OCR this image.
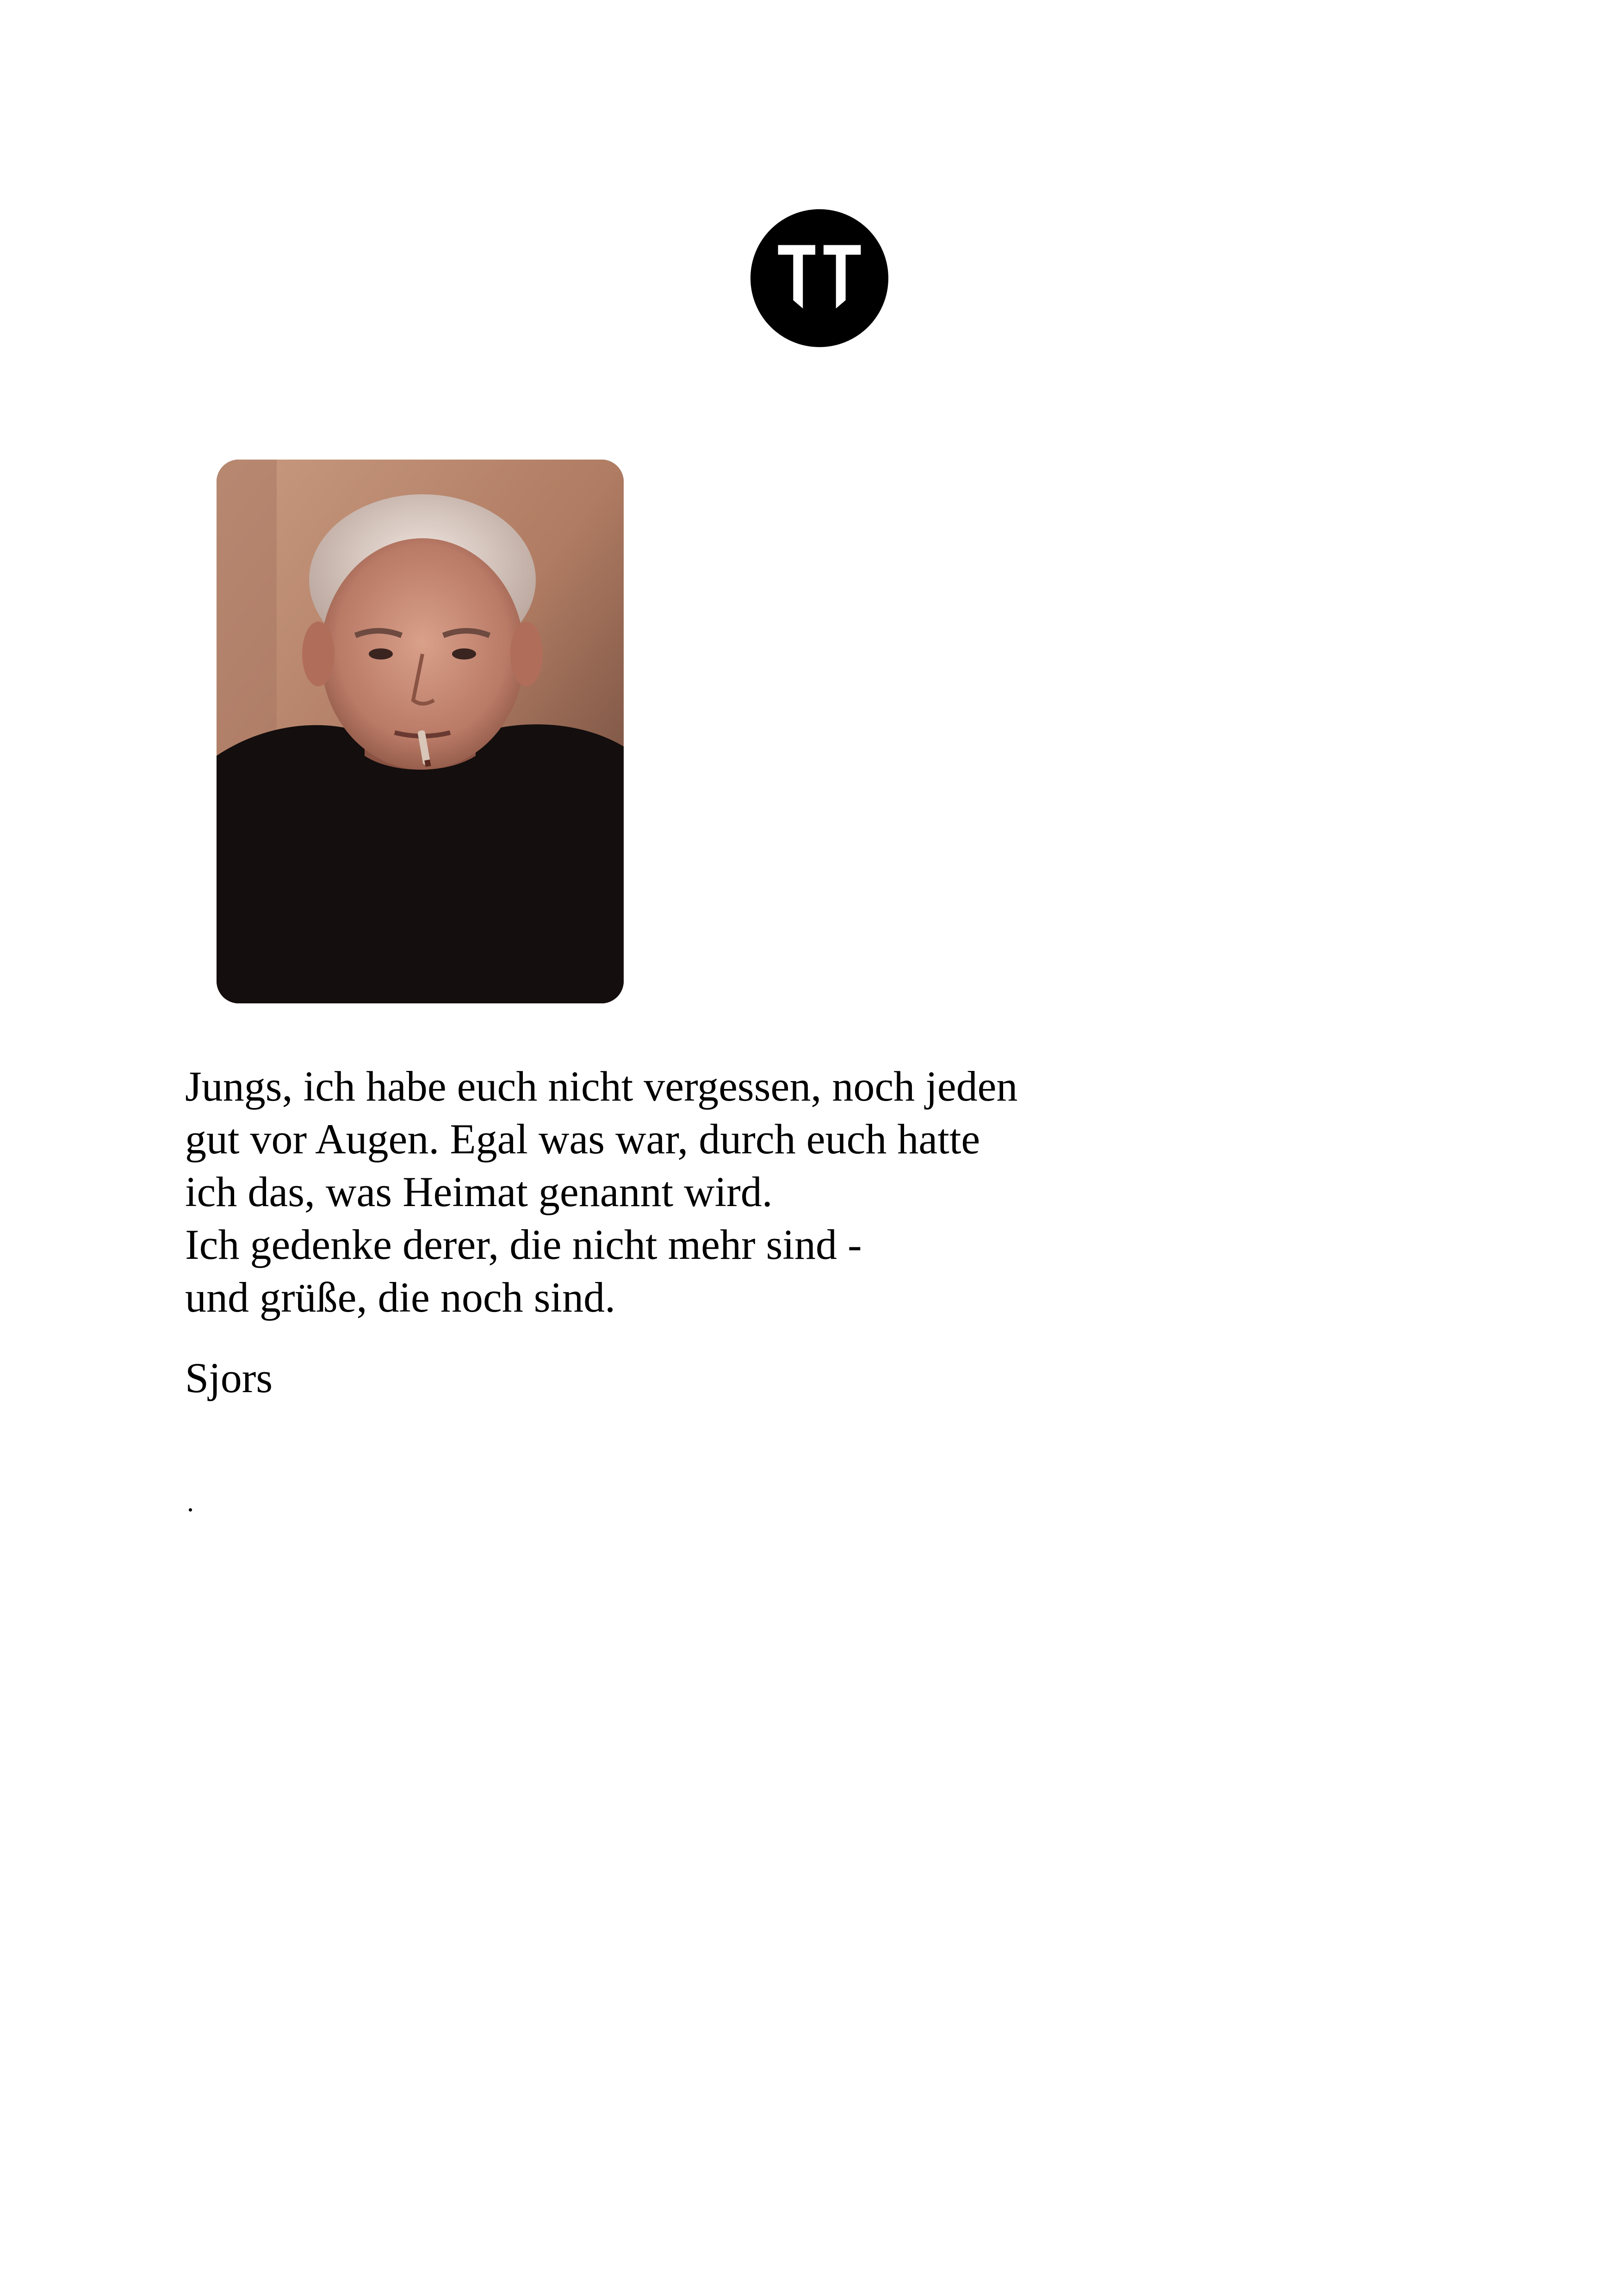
Jungs, ich habe euch nicht vergessen, noch jeden
gut vor Augen. Egal was war, durch euch hatte
ich das, was Heimat genannt wird.
Ich gedenke derer, die nicht mehr sind -
und grüße, die noch sind.

Sjors

.
